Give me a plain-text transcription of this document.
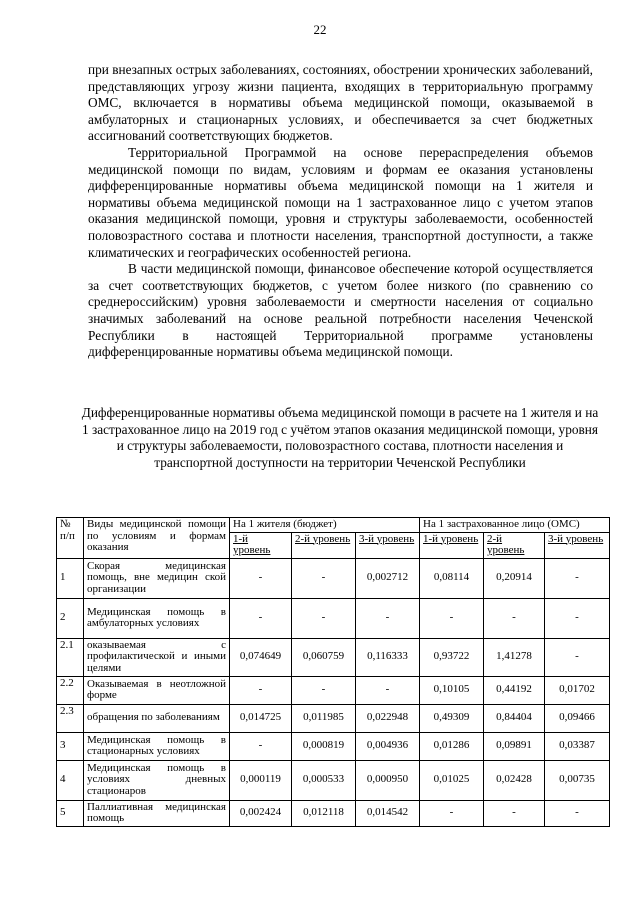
22

при внезапных острых заболеваниях, состояниях, обострении хронических заболеваний, представляющих угрозу жизни пациента, входящих в территориальную программу ОМС, включается в нормативы объема медицинской помощи, оказываемой в амбулаторных и стационарных условиях, и обеспечивается за счет бюджетных ассигнований соответствующих бюджетов.

Территориальной Программой на основе перераспределения объемов медицинской помощи по видам, условиям и формам ее оказания установлены дифференцированные нормативы объема медицинской помощи на 1 жителя и нормативы объема медицинской помощи на 1 застрахованное лицо с учетом этапов оказания медицинской помощи, уровня и структуры заболеваемости, особенностей половозрастного состава и плотности населения, транспортной доступности, а также климатических и географических особенностей региона.

В части медицинской помощи, финансовое обеспечение которой осуществляется за счет соответствующих бюджетов, с учетом более низкого (по сравнению со среднероссийским) уровня заболеваемости и смертности населения от социально значимых заболеваний на основе реальной потребности населения Чеченской Республики в настоящей Территориальной программе установлены дифференцированные нормативы объема медицинской помощи.

Дифференцированные нормативы объема медицинской помощи в расчете на 1 жителя и на 1 застрахованное лицо на 2019 год с учётом этапов оказания медицинской помощи, уровня и структуры заболеваемости, половозрастного состава, плотности населения и транспортной доступности на территории Чеченской Республики
№ п/п	Виды медицинской помощи по условиям и формам оказания	На 1 жителя (бюджет)			На 1 застрахованное лицо (ОМС)		
		1-й уровень	2-й уровень	3-й уровень	1-й уровень	2-й уровень	3-й уровень
1	Скорая медицинская помощь, вне медицин ской организации	-	-	0,002712	0,08114	0,20914	-
2	Медицинская помощь в амбулаторных условиях	-	-	-	-	-	-
2.1	оказываемая с профилактической и иными целями	0,074649	0,060759	0,116333	0,93722	1,41278	-
2.2	Оказываемая в неотложной форме	-	-	-	0,10105	0,44192	0,01702
2.3	обращения по заболеваниям	0,014725	0,011985	0,022948	0,49309	0,84404	0,09466
3	Медицинская помощь в стационарных условиях	-	0,000819	0,004936	0,01286	0,09891	0,03387
4	Медицинская помощь в условиях дневных стационаров	0,000119	0,000533	0,000950	0,01025	0,02428	0,00735
5	Паллиативная медицинская помощь	0,002424	0,012118	0,014542	-	-	-
